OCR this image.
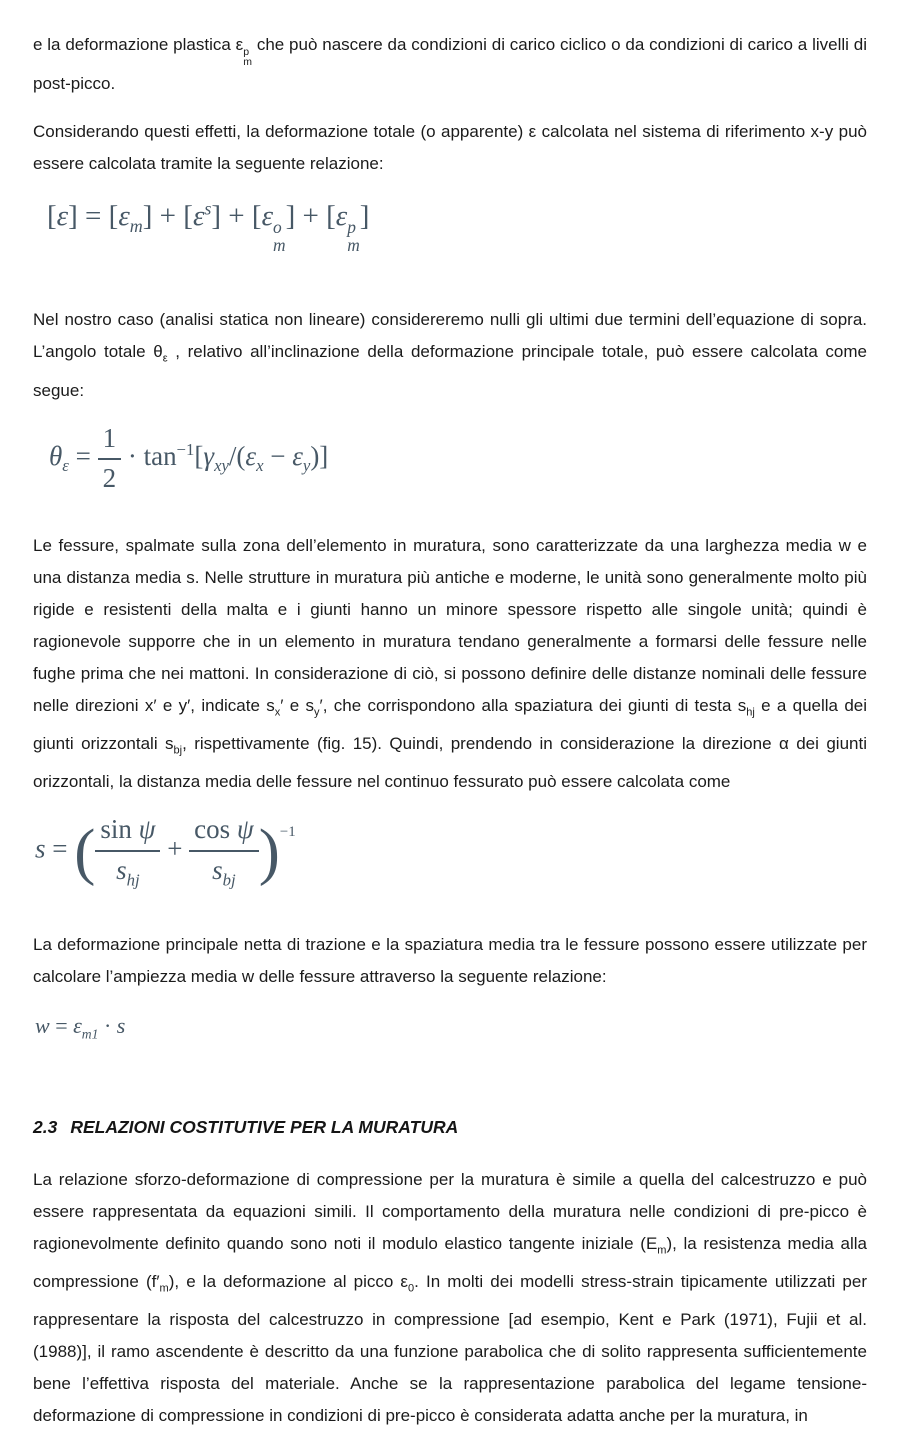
e la deformazione plastica ε p
m
che può nascere da condizioni di carico ciclico o da condizioni di carico a livelli di post-picco.

Considerando questi effetti, la deformazione totale (o apparente) ε calcolata nel sistema di riferimento x-y può essere calcolata tramite la seguente relazione:

$[\varepsilon] = [\varepsilon_m] + [\varepsilon^s] + [\varepsilon$ o
m
] + [ε p
m
]

Nel nostro caso (analisi statica non lineare) considereremo nulli gli ultimi due termini dell’equazione di sopra. L’angolo totale $\theta_\varepsilon$ , relativo all’inclinazione della deformazione principale totale, può essere calcolata come segue:

$\theta_\varepsilon = \frac{1}{2} \cdot \tan^{-1}[\gamma_{xy}/(\varepsilon_x - \varepsilon_y)]$

Le fessure, spalmate sulla zona dell’elemento in muratura, sono caratterizzate da una larghezza media w e una distanza media s. Nelle strutture in muratura più antiche e moderne, le unità sono generalmente molto più rigide e resistenti della malta e i giunti hanno un minore spessore rispetto alle singole unità; quindi è ragionevole supporre che in un elemento in muratura tendano generalmente a formarsi delle fessure nelle fughe prima che nei mattoni. In considerazione di ciò, si possono definire delle distanze nominali delle fessure nelle direzioni x′ e y′, indicate $s_x'$ e $s_y'$, che corrispondono alla spaziatura dei giunti di testa $s_{hj}$ e a quella dei giunti orizzontali $s_{bj}$, rispettivamente (fig. 15). Quindi, prendendo in considerazione la direzione α dei giunti orizzontali, la distanza media delle fessure nel continuo fessurato può essere calcolata come

s = ( $\frac{\text{sin ψ}}{s_{hj}} + \frac{\text{cos ψ}}{s_{bj}} )^{-1}$

La deformazione principale netta di trazione e la spaziatura media tra le fessure possono essere utilizzate per calcolare l’ampiezza media w delle fessure attraverso la seguente relazione:

$w = \varepsilon_{m1} \cdot s$
2.3 RELAZIONI COSTITUTIVE PER LA MURATURA

La relazione sforzo-deformazione di compressione per la muratura è simile a quella del calcestruzzo e può essere rappresentata da equazioni simili. Il comportamento della muratura nelle condizioni di pre-picco è ragionevolmente definito quando sono noti il modulo elastico tangente iniziale $(E_m)$, la resistenza media alla compressione $(f'_m)$, e la deformazione al picco $\varepsilon_0$. In molti dei modelli stress-strain tipicamente utilizzati per rappresentare la risposta del calcestruzzo in compressione [ad esempio, Kent e Park (1971), Fujii et al. (1988)], il ramo ascendente è descritto da una funzione parabolica che di solito rappresenta sufficientemente bene l’effettiva risposta del materiale. Anche se la rappresentazione parabolica del legame tensione-deformazione di compressione in condizioni di pre-picco è considerata adatta anche per la muratura, in
